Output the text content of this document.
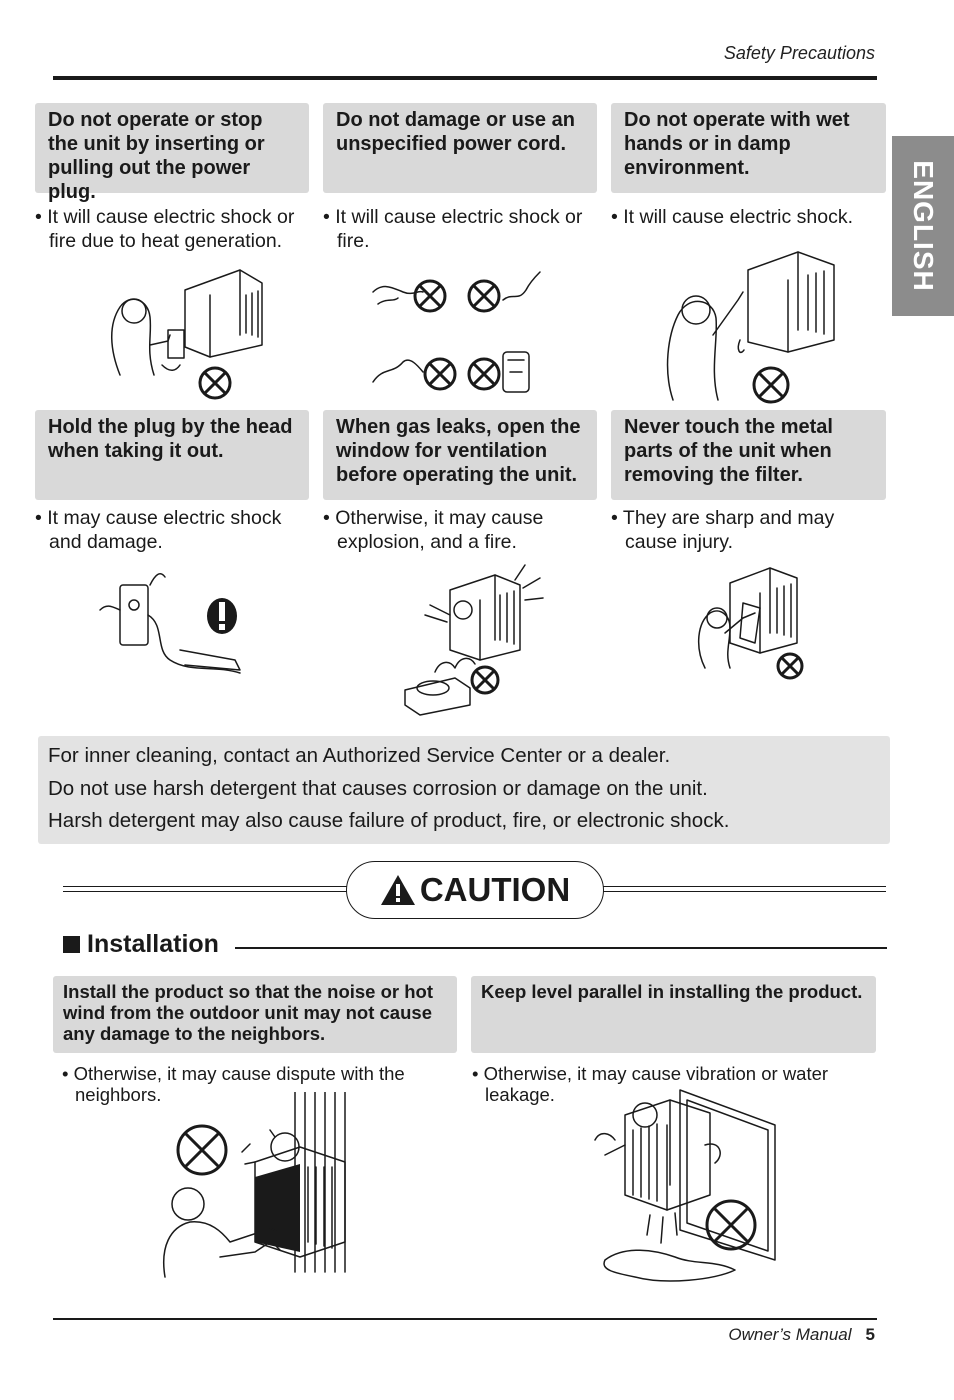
Safety Precautions
ENGLISH
Do not operate or stop the unit by inserting or pulling out the power plug.
Do not damage or use an unspecified power cord.
Do not operate with wet hands or in damp environment.
• It will cause electric shock or fire due to heat generation.
• It will cause electric shock or fire.
• It will cause electric shock.
Hold the plug by the head when taking it out.
When gas leaks, open the window for ventilation before operating the unit.
Never touch the metal parts of the unit when removing the filter.
• It may cause electric shock and damage.
• Otherwise, it may cause explosion, and a fire.
• They are sharp and may cause injury.
For inner cleaning, contact an Authorized Service Center or a dealer.
Do not use harsh detergent that causes corrosion or damage on the unit.
Harsh detergent may also cause failure of product, fire, or electronic shock.
CAUTION
Installation
Install the product so that the noise or hot wind from the outdoor unit may not cause any damage to the neighbors.
Keep level parallel in installing the product.
• Otherwise, it may cause dispute with the neighbors.
• Otherwise, it may cause vibration or water leakage.
Owner’s Manual 5
